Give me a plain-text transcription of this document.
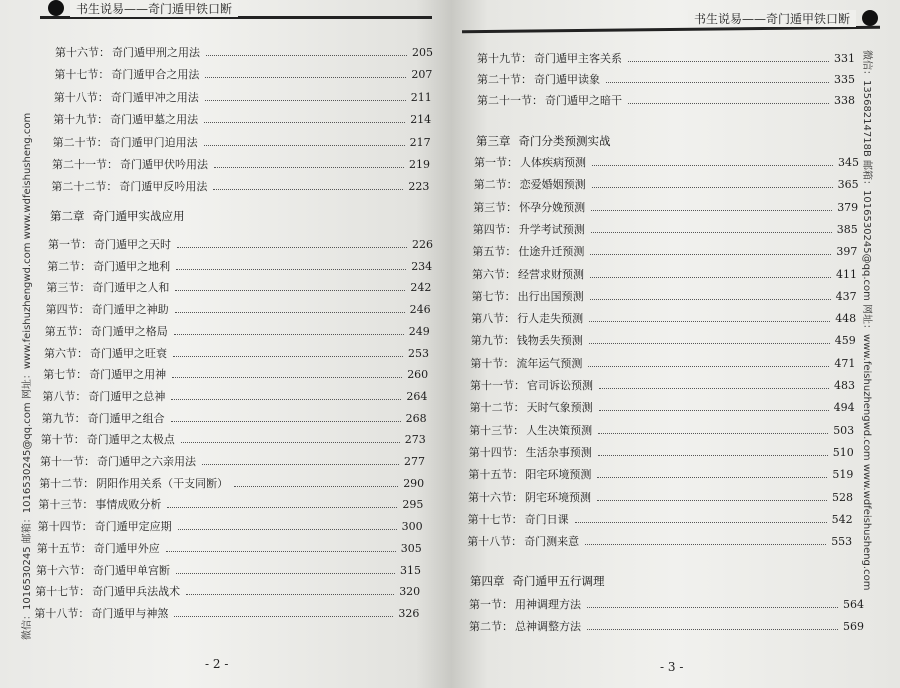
书生说易——奇门遁甲铁口断
第十六节： 奇门遁甲刑之用法	205
第十七节： 奇门遁甲合之用法	207
第十八节： 奇门遁甲冲之用法	211
第十九节： 奇门遁甲墓之用法	214
第二十节： 奇门遁甲门迫用法	217
第二十一节： 奇门遁甲伏吟用法	219
第二十二节： 奇门遁甲反吟用法	223
第二章 奇门遁甲实战应用
第一节： 奇门遁甲之天时	226
第二节： 奇门遁甲之地利	234
第三节： 奇门遁甲之人和	242
第四节： 奇门遁甲之神助	246
第五节： 奇门遁甲之格局	249
第六节： 奇门遁甲之旺衰	253
第七节： 奇门遁甲之用神	260
第八节： 奇门遁甲之总神	264
第九节： 奇门遁甲之组合	268
第十节： 奇门遁甲之太极点	273
第十一节： 奇门遁甲之六亲用法	277
第十二节： 阴阳作用关系（干支同断）	290
第十三节： 事情成败分析	295
第十四节： 奇门遁甲定应期	300
第十五节： 奇门遁甲外应	305
第十六节： 奇门遁甲单宫断	315
第十七节： 奇门遁甲兵法战术	320
第十八节： 奇门遁甲与神煞	326
- 2 -
微信：1016530245 邮箱：1016530245@qq.com 网址：www.feishuzhengwd.com www.wdfeishusheng.com
书生说易——奇门遁甲铁口断
第十九节： 奇门遁甲主客关系	331
第二十节： 奇门遁甲读象	335
第二十一节： 奇门遁甲之暗干	338
第三章 奇门分类预测实战
第一节： 人体疾病预测	345
第二节： 恋爱婚姻预测	365
第三节： 怀孕分娩预测	379
第四节： 升学考试预测	385
第五节： 仕途升迁预测	397
第六节： 经营求财预测	411
第七节： 出行出国预测	437
第八节： 行人走失预测	448
第九节： 钱物丢失预测	459
第十节： 流年运气预测	471
第十一节： 官司诉讼预测	483
第十二节： 天时气象预测	494
第十三节： 人生决策预测	503
第十四节： 生活杂事预测	510
第十五节： 阳宅环境预测	519
第十六节： 阴宅环境预测	528
第十七节： 奇门日课	542
第十八节： 奇门测来意	553
第四章 奇门遁甲五行调理
第一节： 用神调理方法	564
第二节： 总神调整方法	569
- 3 -
微信：13568214718B 邮箱：1016530245@qq.com 网址：www.feishuzhengwd.com www.wdfeishusheng.com
